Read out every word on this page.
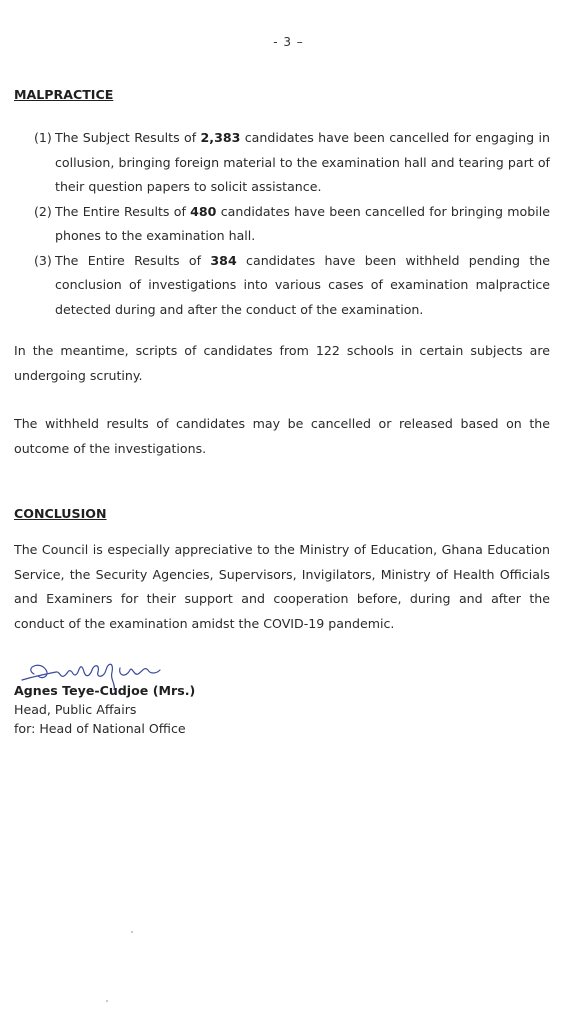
- 3 –
MALPRACTICE
(1) The Subject Results of 2,383 candidates have been cancelled for engaging in collusion, bringing foreign material to the examination hall and tearing part of their question papers to solicit assistance.
(2) The Entire Results of 480 candidates have been cancelled for bringing mobile phones to the examination hall.
(3) The Entire Results of 384 candidates have been withheld pending the conclusion of investigations into various cases of examination malpractice detected during and after the conduct of the examination.
In the meantime, scripts of candidates from 122 schools in certain subjects are undergoing scrutiny.
The withheld results of candidates may be cancelled or released based on the outcome of the investigations.
CONCLUSION
The Council is especially appreciative to the Ministry of Education, Ghana Education Service, the Security Agencies, Supervisors, Invigilators, Ministry of Health Officials and Examiners for their support and cooperation before, during and after the conduct of the examination amidst the COVID-19 pandemic.
Agnes Teye-Cudjoe (Mrs.)
Head, Public Affairs
for: Head of National Office
